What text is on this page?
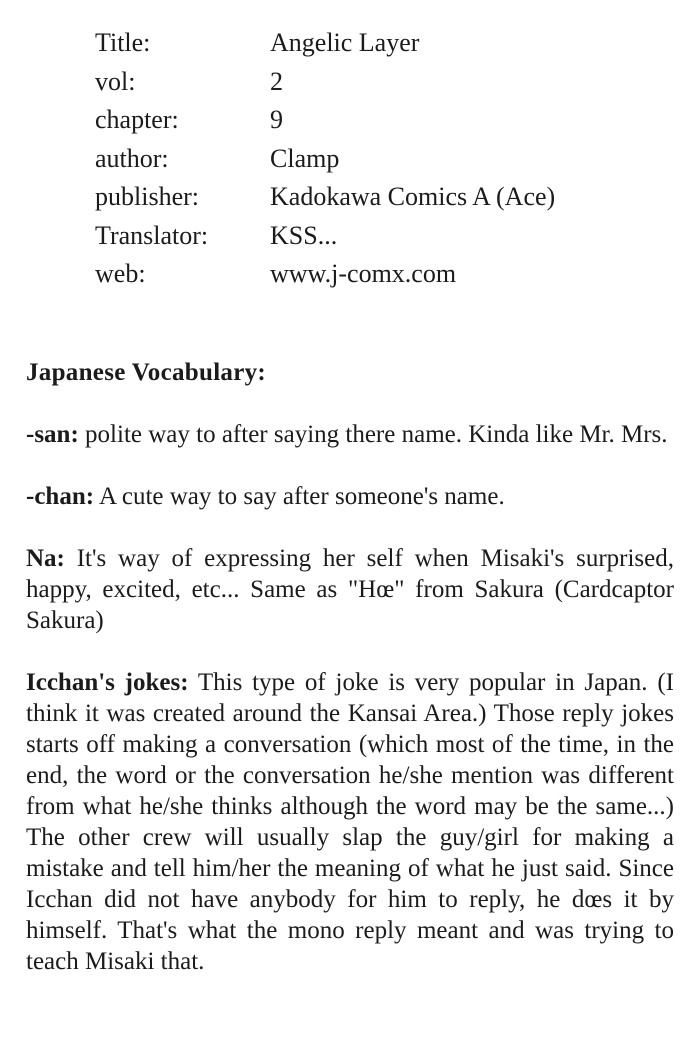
Title:	Angelic Layer
vol:	2
chapter:	9
author:	Clamp
publisher:	Kadokawa Comics A (Ace)
Translator:	KSS...
web:	www.j-comx.com
Japanese Vocabulary:

-san: polite way to after saying there name. Kinda like Mr. Mrs.

-chan: A cute way to say after someone's name.

Na: It's way of expressing her self when Misaki's surprised, happy, excited, etc... Same as "Hœ" from Sakura (Cardcaptor Sakura)

Icchan's jokes: This type of joke is very popular in Japan. (I think it was created around the Kansai Area.) Those reply jokes starts off making a conversation (which most of the time, in the end, the word or the conversation he/she mention was different from what he/she thinks although the word may be the same...) The other crew will usually slap the guy/girl for making a mistake and tell him/her the meaning of what he just said. Since Icchan did not have anybody for him to reply, he dœs it by himself. That's what the mono reply meant and was trying to teach Misaki that.
